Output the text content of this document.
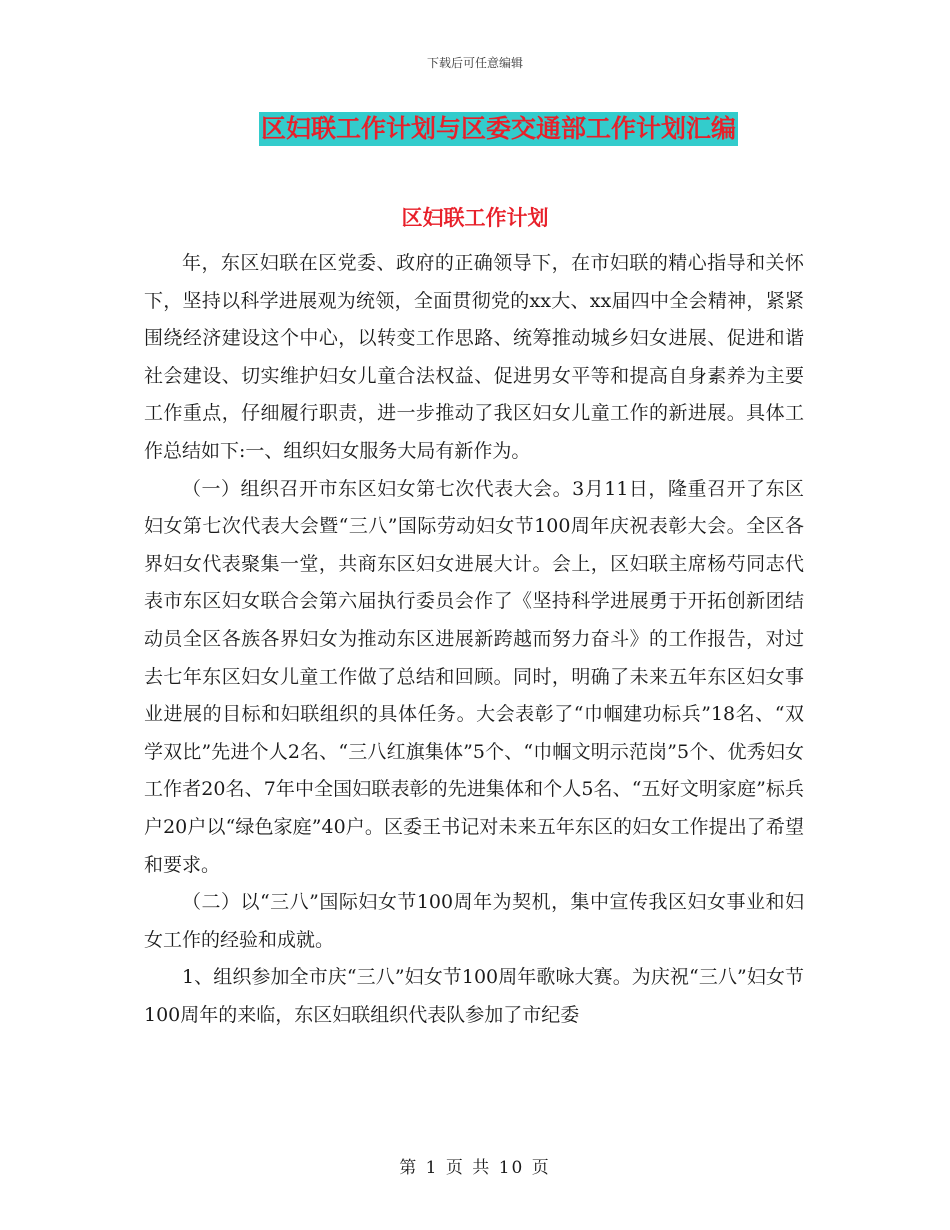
下载后可任意编辑
区妇联工作计划与区委交通部工作计划汇编
区妇联工作计划

年，东区妇联在区党委、政府的正确领导下，在市妇联的精心指导和关怀下，坚持以科学进展观为统领，全面贯彻党的xx大、xx届四中全会精神，紧紧围绕经济建设这个中心，以转变工作思路、统筹推动城乡妇女进展、促进和谐社会建设、切实维护妇女儿童合法权益、促进男女平等和提高自身素养为主要工作重点，仔细履行职责，进一步推动了我区妇女儿童工作的新进展。具体工作总结如下:一、组织妇女服务大局有新作为。

（一）组织召开市东区妇女第七次代表大会。3月11日，隆重召开了东区妇女第七次代表大会暨“三八”国际劳动妇女节100周年庆祝表彰大会。全区各界妇女代表聚集一堂，共商东区妇女进展大计。会上，区妇联主席杨芍同志代表市东区妇女联合会第六届执行委员会作了《坚持科学进展勇于开拓创新团结动员全区各族各界妇女为推动东区进展新跨越而努力奋斗》的工作报告，对过去七年东区妇女儿童工作做了总结和回顾。同时，明确了未来五年东区妇女事业进展的目标和妇联组织的具体任务。大会表彰了“巾帼建功标兵”18名、“双学双比”先进个人2名、“三八红旗集体”5个、“巾帼文明示范岗”5个、优秀妇女工作者20名、7年中全国妇联表彰的先进集体和个人5名、“五好文明家庭”标兵户20户以“绿色家庭”40户。区委王书记对未来五年东区的妇女工作提出了希望和要求。

（二）以“三八”国际妇女节100周年为契机，集中宣传我区妇女事业和妇女工作的经验和成就。

1、组织参加全市庆“三八”妇女节100周年歌咏大赛。为庆祝“三八”妇女节100周年的来临，东区妇联组织代表队参加了市纪委

第 1 页 共 10 页
